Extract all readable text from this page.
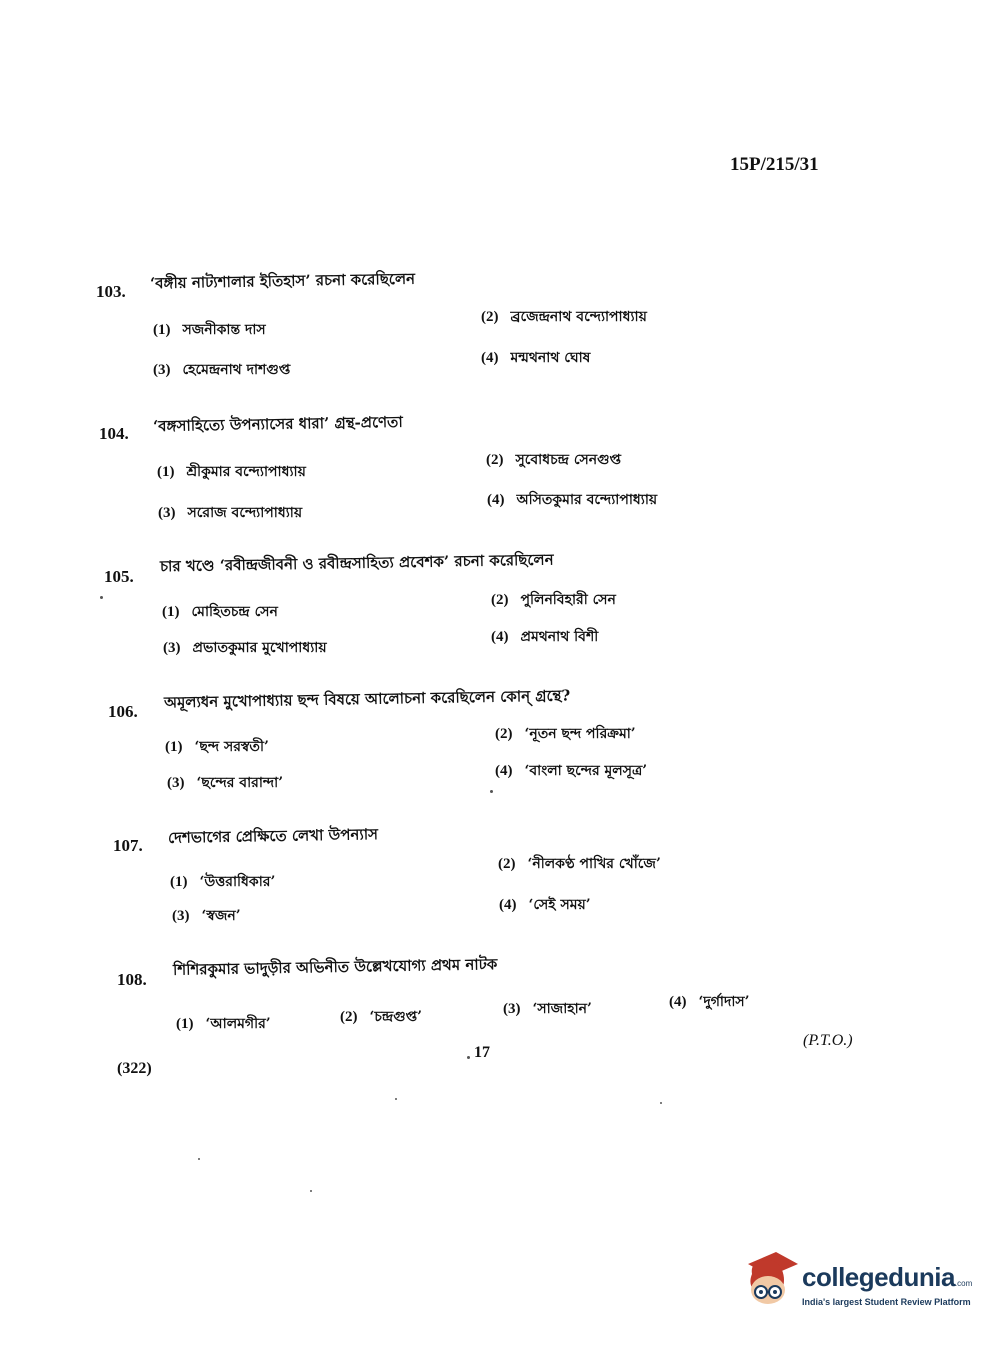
15P/215/31
103. ‘বঙ্গীয় নাট্যশালার ইতিহাস’ রচনা করেছিলেন
(1) সজনীকান্ত দাস
(2) ব্রজেন্দ্রনাথ বন্দ্যোপাধ্যায়
(3) হেমেন্দ্রনাথ দাশগুপ্ত
(4) মন্মথনাথ ঘোষ
104. ‘বঙ্গসাহিত্যে উপন্যাসের ধারা’ গ্রন্থ-প্রণেতা
(1) শ্রীকুমার বন্দ্যোপাধ্যায়
(2) সুবোধচন্দ্র সেনগুপ্ত
(3) সরোজ বন্দ্যোপাধ্যায়
(4) অসিতকুমার বন্দ্যোপাধ্যায়
105.
চার খণ্ডে ‘রবীন্দ্রজীবনী ও রবীন্দ্রসাহিত্য প্রবেশক’ রচনা করেছিলেন
(1) মোহিতচন্দ্র সেন
(2) পুলিনবিহারী সেন
(3) প্রভাতকুমার মুখোপাধ্যায়
(4) প্রমথনাথ বিশী
106. অমূল্যধন মুখোপাধ্যায় ছন্দ বিষয়ে আলোচনা করেছিলেন কোন্ গ্রন্থে?
(1) ‘ছন্দ সরস্বতী’
(2) ‘নূতন ছন্দ পরিক্রমা’
(3) ‘ছন্দের বারান্দা’
(4) ‘বাংলা ছন্দের মূলসূত্র’
107. দেশভাগের প্রেক্ষিতে লেখা উপন্যাস
(1) ‘উত্তরাধিকার’
(2) ‘নীলকণ্ঠ পাখির খোঁজে’
(3) ‘স্বজন’
(4) ‘সেই সময়’
108.
শিশিরকুমার ভাদুড়ীর অভিনীত উল্লেখযোগ্য প্রথম নাটক
(1) ‘আলমগীর’	(2) ‘চন্দ্রগুপ্ত’	(3) ‘সাজাহান’	(4) ‘দুর্গাদাস’
(P.T.O.)
17
(322)
collegedunia.com
India's largest Student Review Platform
